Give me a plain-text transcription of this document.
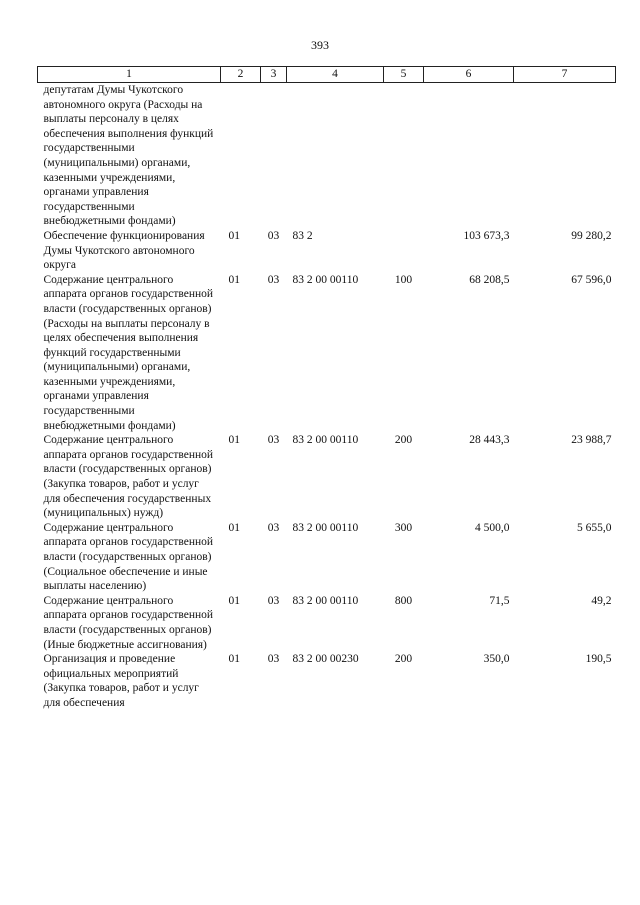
393
1	2	3	4	5	6	7
депутатам Думы Чукотского автономного округа (Расходы на выплаты персоналу в целях обеспечения выполнения функций государственными (муниципальными) органами, казенными учреждениями, органами управления государственными внебюджетными фондами)						
Обеспечение функционирования Думы Чукотского автономного округа	01	03	83 2		103 673,3	99 280,2
Содержание центрального аппарата органов государственной власти (государственных органов) (Расходы на выплаты персоналу в целях обеспечения выполнения функций государственными (муниципальными) органами, казенными учреждениями, органами управления государственными внебюджетными фондами)	01	03	83 2 00 00110	100	68 208,5	67 596,0
Содержание центрального аппарата органов государственной власти (государственных органов) (Закупка товаров, работ и услуг для обеспечения государственных (муниципальных) нужд)	01	03	83 2 00 00110	200	28 443,3	23 988,7
Содержание центрального аппарата органов государственной власти (государственных органов) (Социальное обеспечение и иные выплаты населению)	01	03	83 2 00 00110	300	4 500,0	5 655,0
Содержание центрального аппарата органов государственной власти (государственных органов) (Иные бюджетные ассигнования)	01	03	83 2 00 00110	800	71,5	49,2
Организация и проведение официальных мероприятий (Закупка товаров, работ и услуг для обеспечения	01	03	83 2 00 00230	200	350,0	190,5
